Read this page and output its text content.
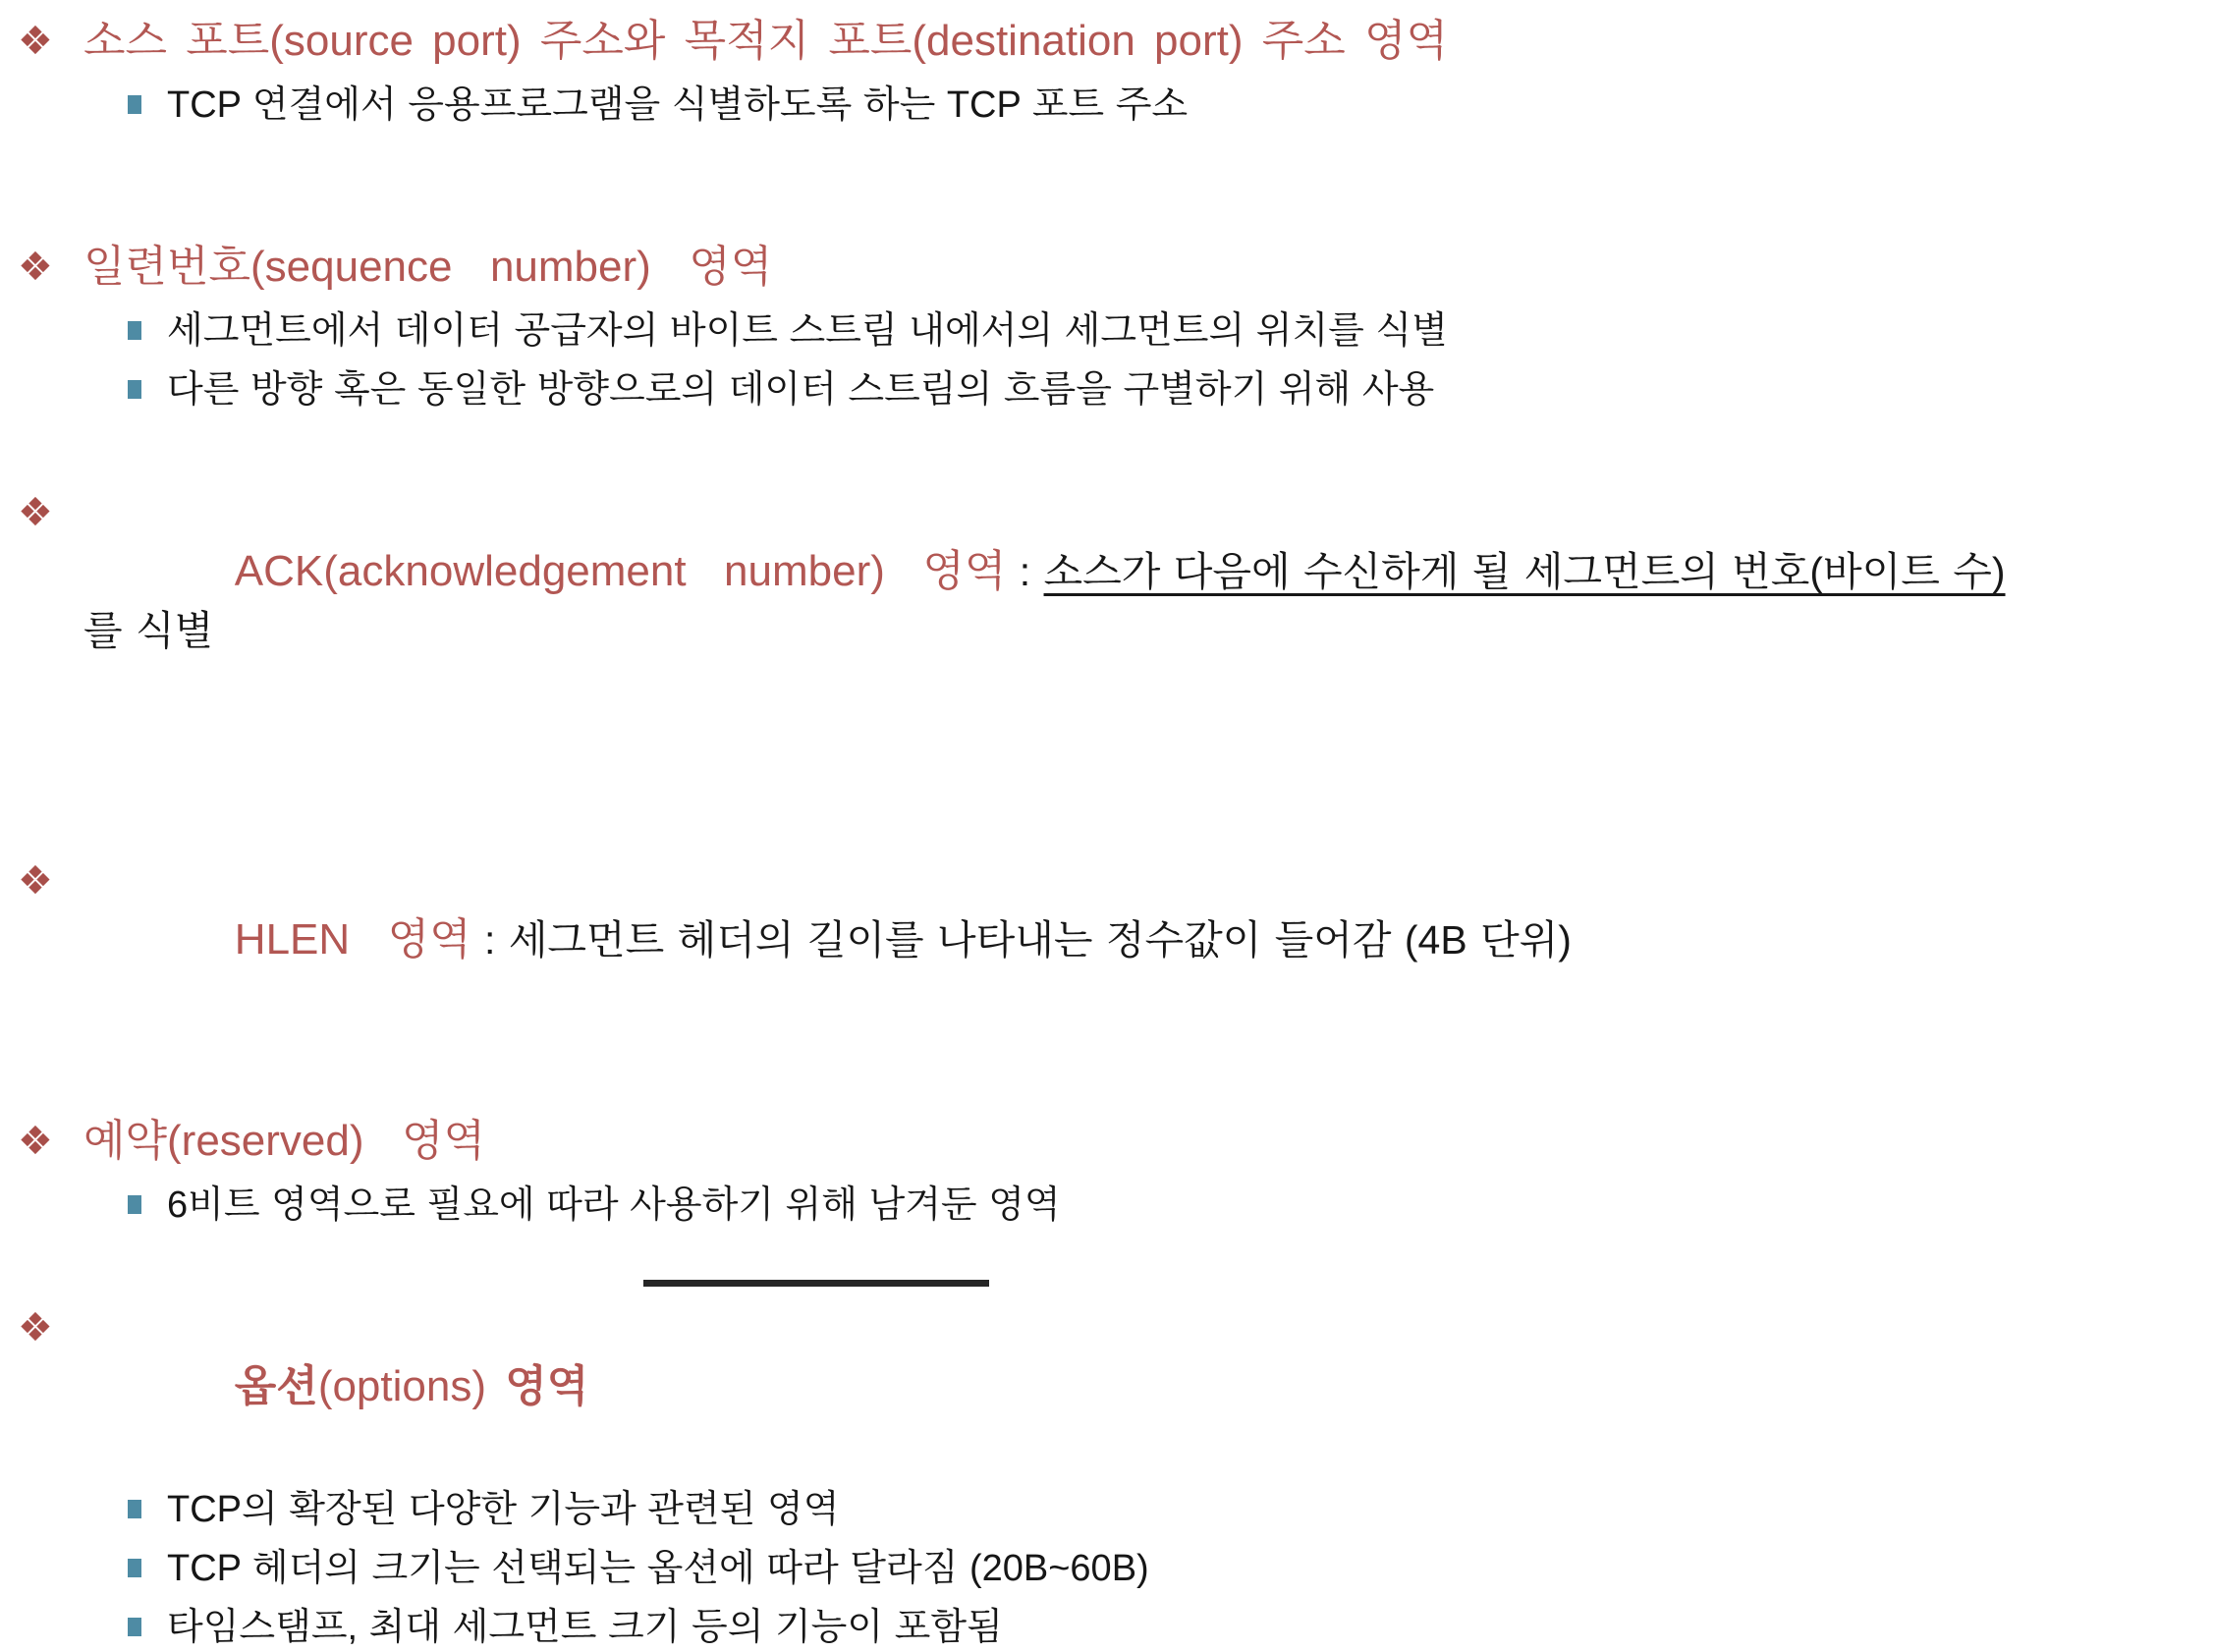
❖ 소스 포트(source port) 주소와 목적지 포트(destination port) 주소 영역
TCP 연결에서 응용프로그램을 식별하도록 하는 TCP 포트 주소
❖ 일련번호(sequence  number)  영역
세그먼트에서 데이터 공급자의 바이트 스트림 내에서의 세그먼트의 위치를 식별
다른 방향 혹은 동일한 방향으로의 데이터 스트림의 흐름을 구별하기 위해 사용
❖

ACK(acknowledgement  number)  영역 : 소스가 다음에 수신하게 될 세그먼트의 번호(바이트 수)
를 식별

❖

HLEN  영역 : 세그먼트 헤더의 길이를 나타내는 정수값이 들어감 (4B 단위)

❖ 예약(reserved)  영역
6비트 영역으로 필요에 따라 사용하기 위해 남겨둔 영역
❖

옵션(options) 영역

TCP의 확장된 다양한 기능과 관련된 영역
TCP 헤더의 크기는 선택되는 옵션에 따라 달라짐 (20B~60B)
타임스탬프, 최대 세그먼트 크기 등의 기능이 포함됨
